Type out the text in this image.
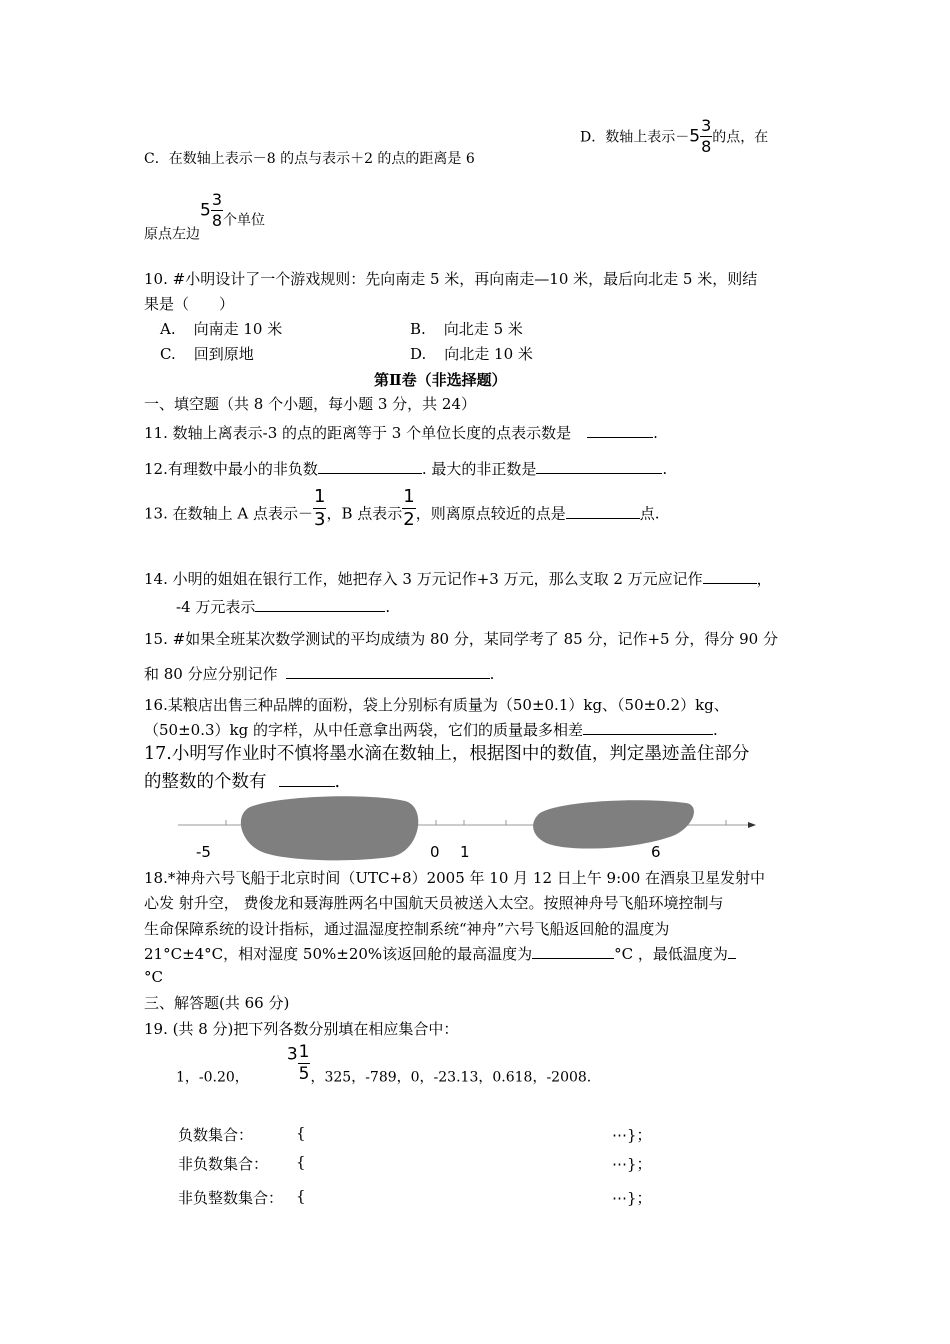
C．在数轴上表示－8 的点与表示＋2 的点的距离是 6
D．数轴上表示$-5 \frac{3}{8}$ 的点，在
原点左边$5 \frac{3}{8}$ 个单位
10. #小明设计了一个游戏规则：先向南走 5 米，再向南走—10 米，最后向北走 5 米，则结
果是（　　）
A. 向南走 10 米	B. 向北走 5 米
C. 回到原地	D. 向北走 10 米
第Ⅱ卷（非选择题）
一、填空题（共 8 个小题，每小题 3 分，共 24）
11. 数轴上离表示-3 的点的距离等于 3 个单位长度的点表示数是	.
12.有理数中最小的非负数	. 最大的非正数是	.
13. 在数轴上 A 点表示－ $\frac{1}{3}$ ，B 点表示 $\frac{1}{2}$ ，则离原点较近的点是	点.
14. 小明的姐姐在银行工作，她把存入 3 万元记作+3 万元，那么支取 2 万元应记作	，
-4 万元表示	.
15. #如果全班某次数学测试的平均成绩为 80 分，某同学考了 85 分，记作+5 分，得分 90 分
和 80 分应分别记作	.
16.某粮店出售三种品牌的面粉，袋上分别标有质量为（50±0.1）kg、（50±0.2）kg、
（50±0.3）kg 的字样，从中任意拿出两袋，它们的质量最多相差	.
17.小明写作业时不慎将墨水滴在数轴上，根据图中的数值，判定墨迹盖住部分
的整数的个数有	.
-5	0 1	6
18.*神舟六号飞船于北京时间（UTC+8）2005 年 10 月 12 日上午 9:00 在酒泉卫星发射中
心发 射升空， 费俊龙和聂海胜两名中国航天员被送入太空。按照神舟号飞船环境控制与
生命保障系统的设计指标，通过温湿度控制系统“神舟”六号飞船返回舱的温度为
21°C±4°C，相对湿度 50%±20%该返回舱的最高温度为	°C ，最低温度为
°C
三、解答题(共 66 分)
19. (共 8 分)把下列各数分别填在相应集合中：
1，-0.20，$3 \frac{1}{5}$ ，325，-789，0，-23.13，0.618，-2008.
负数集合：	{	⋯}；
非负数集合： {	⋯}；
非负整数集合： {	⋯}；
